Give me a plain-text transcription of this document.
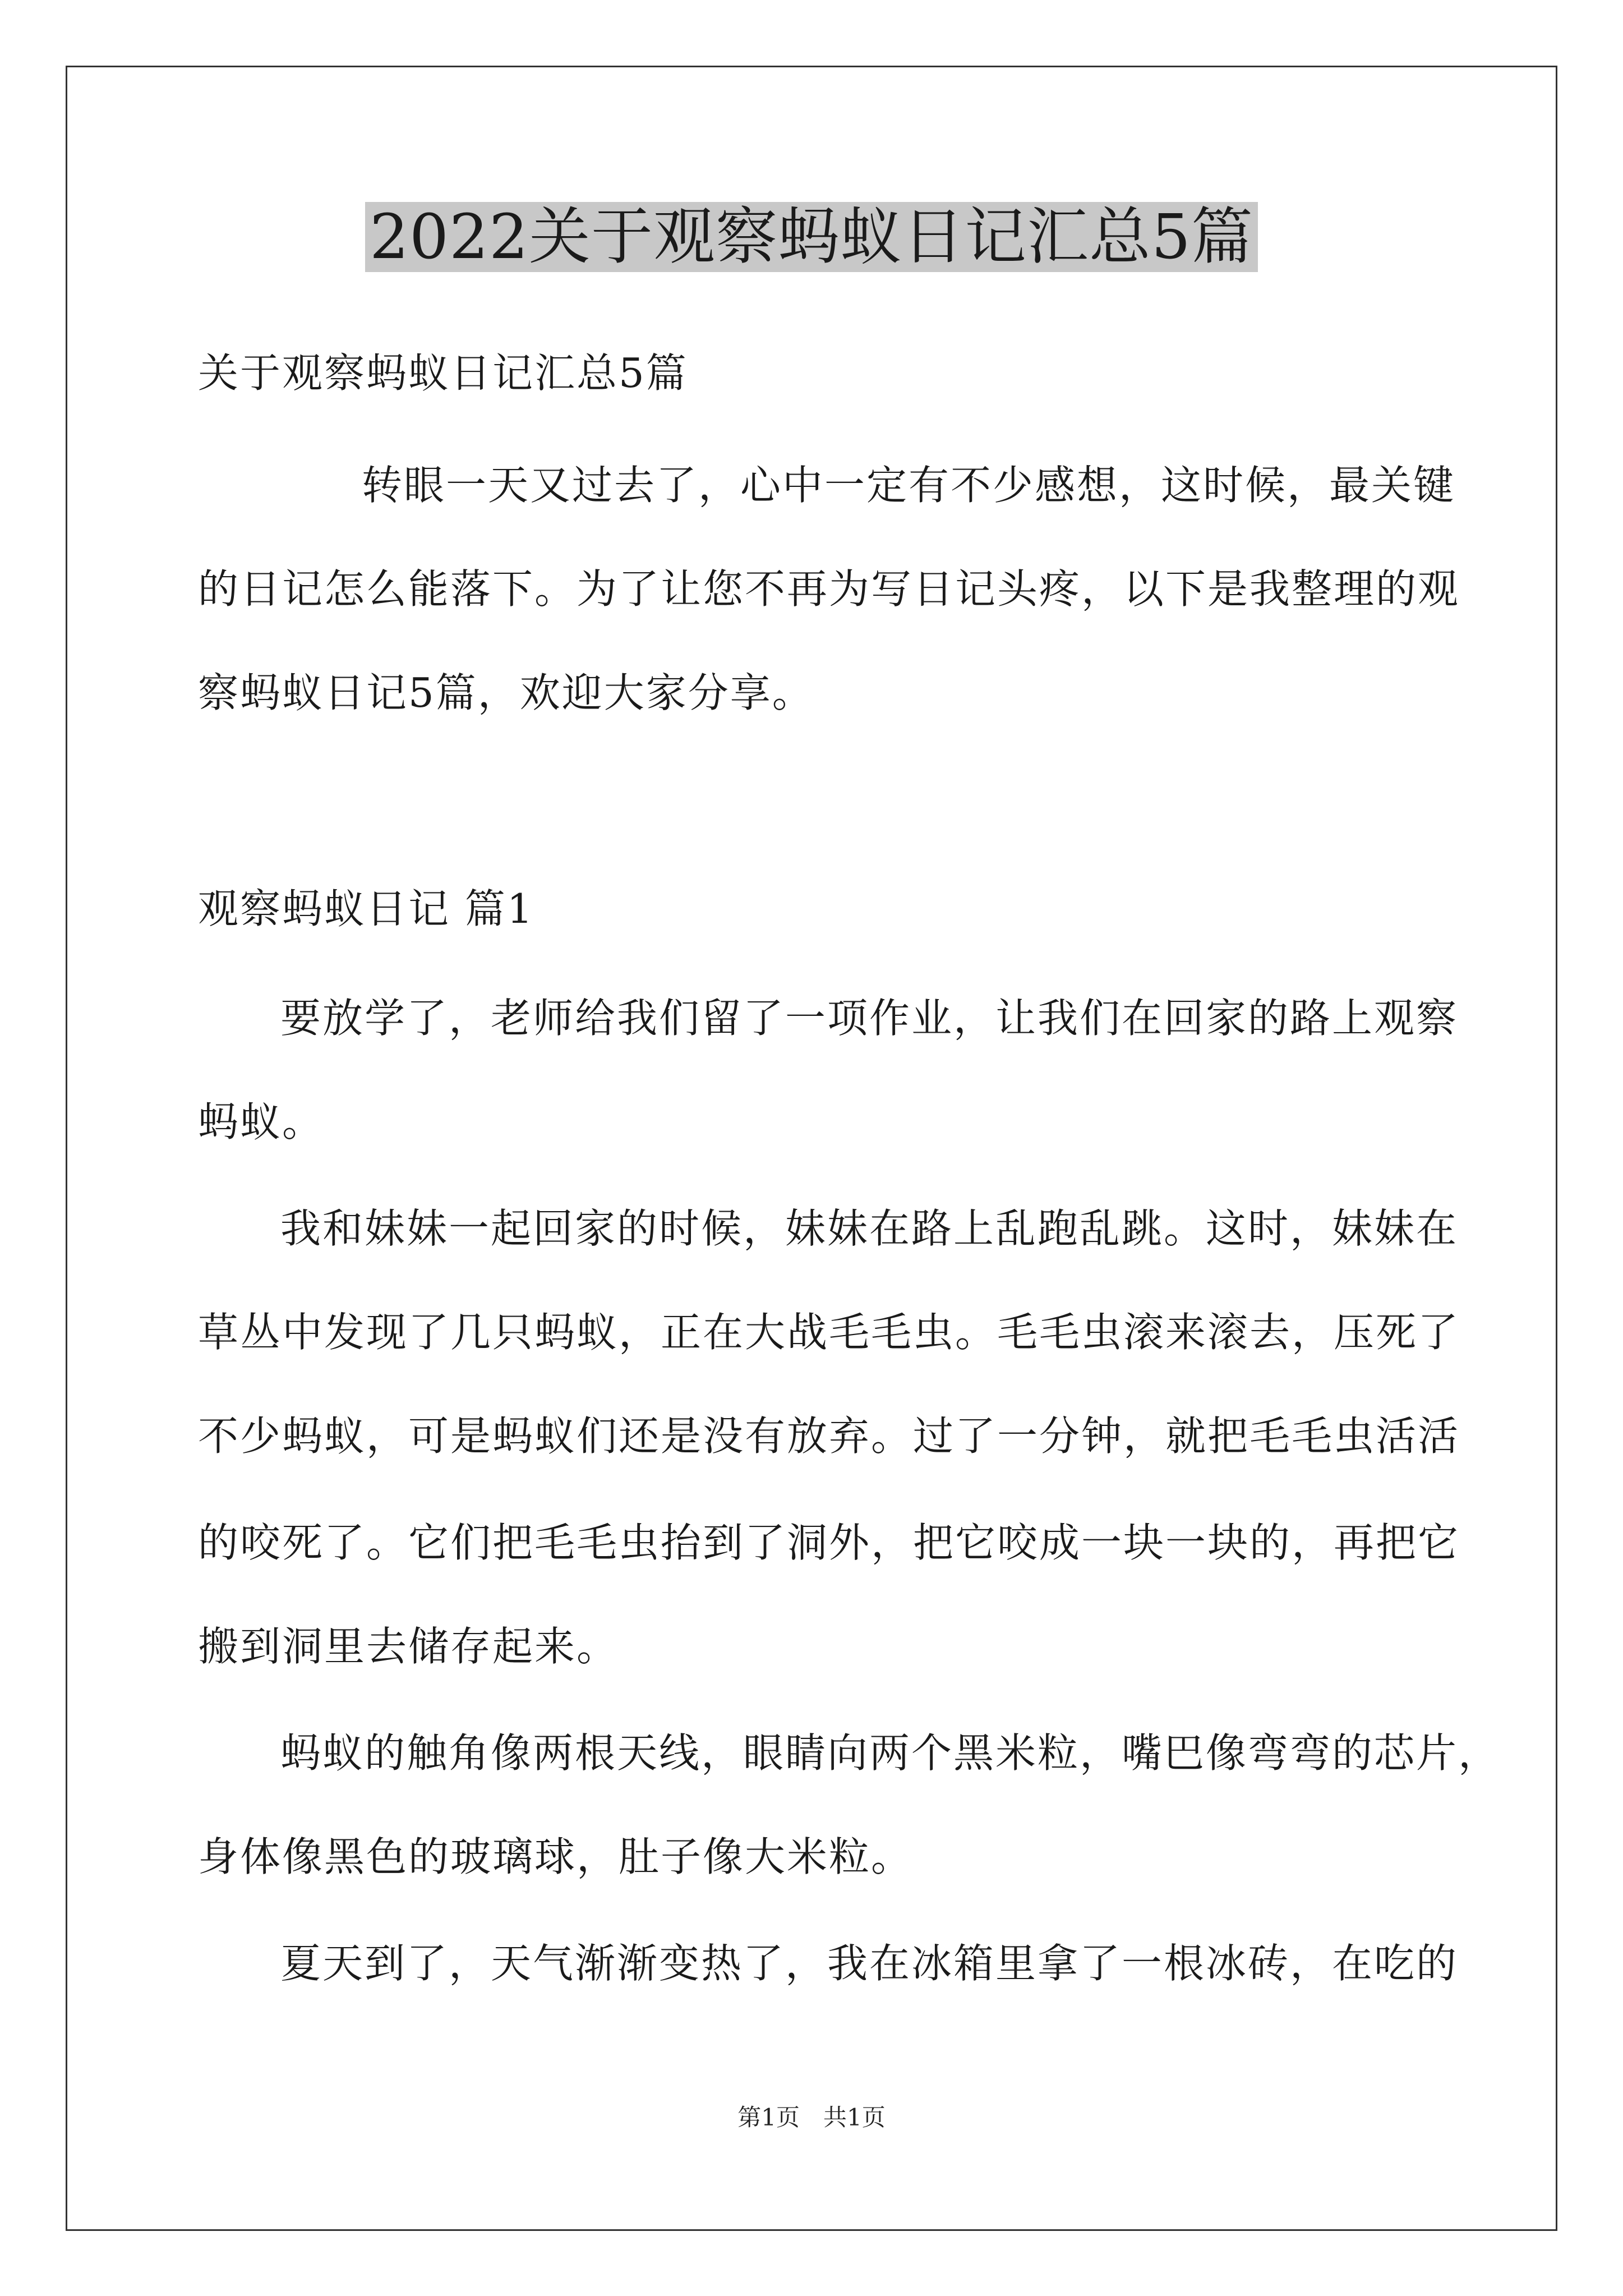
2022关于观察蚂蚁日记汇总5篇
关于观察蚂蚁日记汇总5篇
转眼一天又过去了，心中一定有不少感想，这时候，最关键
的日记怎么能落下。为了让您不再为写日记头疼，以下是我整理的观
察蚂蚁日记5篇，欢迎大家分享。
观察蚂蚁日记 篇1
要放学了，老师给我们留了一项作业，让我们在回家的路上观察
蚂蚁。
我和妹妹一起回家的时候，妹妹在路上乱跑乱跳。这时，妹妹在
草丛中发现了几只蚂蚁，正在大战毛毛虫。毛毛虫滚来滚去，压死了
不少蚂蚁，可是蚂蚁们还是没有放弃。过了一分钟，就把毛毛虫活活
的咬死了。它们把毛毛虫抬到了洞外，把它咬成一块一块的，再把它
搬到洞里去储存起来。
蚂蚁的触角像两根天线，眼睛向两个黑米粒，嘴巴像弯弯的芯片，
身体像黑色的玻璃球，肚子像大米粒。
夏天到了，天气渐渐变热了，我在冰箱里拿了一根冰砖，在吃的
第1页　共1页
